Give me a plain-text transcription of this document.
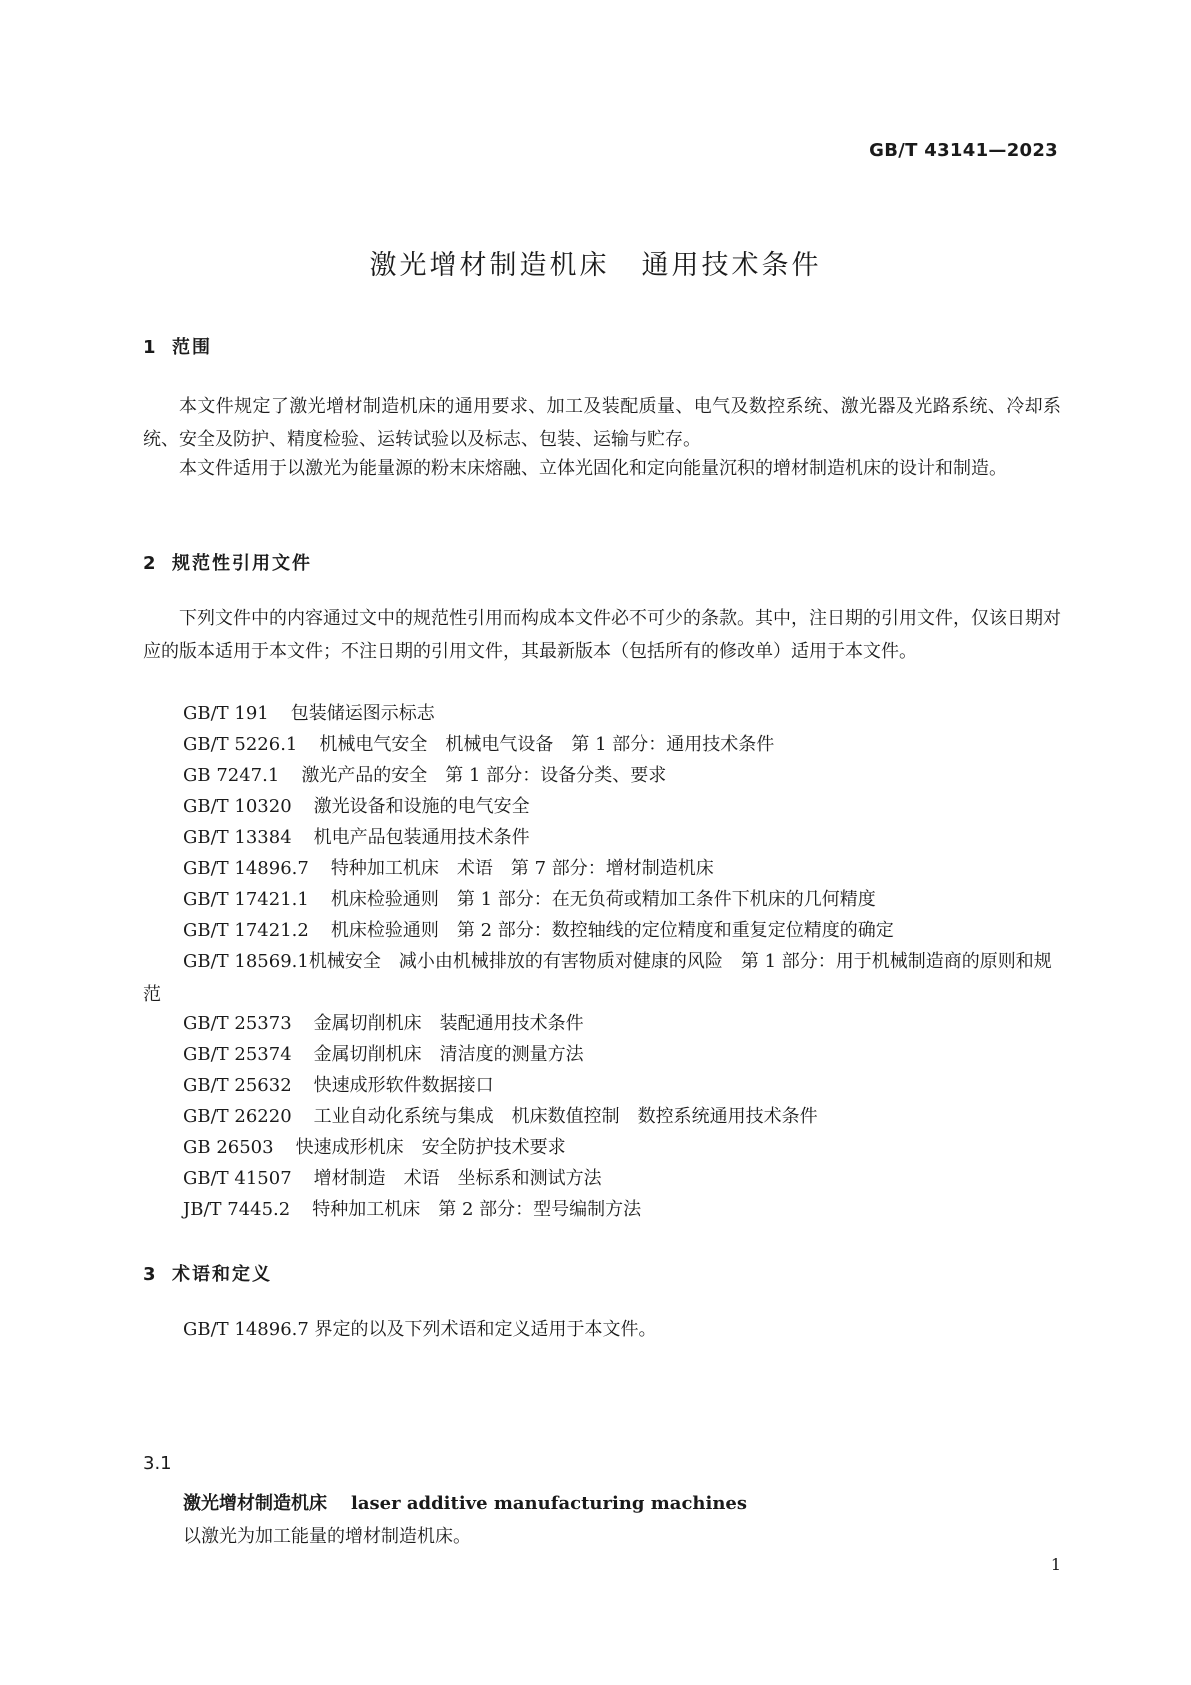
GB/T 43141—2023
激光增材制造机床 通用技术条件
1 范围

本文件规定了激光增材制造机床的通用要求、加工及装配质量、电气及数控系统、激光器及光路系统、冷却系统、安全及防护、精度检验、运转试验以及标志、包装、运输与贮存。

本文件适用于以激光为能量源的粉末床熔融、立体光固化和定向能量沉积的增材制造机床的设计和制造。

2 规范性引用文件

下列文件中的内容通过文中的规范性引用而构成本文件必不可少的条款。其中，注日期的引用文件，仅该日期对应的版本适用于本文件；不注日期的引用文件，其最新版本（包括所有的修改单）适用于本文件。

GB/T 191 包装储运图示标志
GB/T 5226.1 机械电气安全　机械电气设备　第 1 部分：通用技术条件
GB 7247.1 激光产品的安全　第 1 部分：设备分类、要求
GB/T 10320 激光设备和设施的电气安全
GB/T 13384 机电产品包装通用技术条件
GB/T 14896.7 特种加工机床　术语　第 7 部分：增材制造机床
GB/T 17421.1 机床检验通则　第 1 部分：在无负荷或精加工条件下机床的几何精度
GB/T 17421.2 机床检验通则　第 2 部分：数控轴线的定位精度和重复定位精度的确定

GB/T 18569.1机械安全　减小由机械排放的有害物质对健康的风险　第 1 部分：用于机械制造商的原则和规范

GB/T 25373 金属切削机床　装配通用技术条件
GB/T 25374 金属切削机床　清洁度的测量方法
GB/T 25632 快速成形软件数据接口
GB/T 26220 工业自动化系统与集成　机床数值控制　数控系统通用技术条件
GB 26503 快速成形机床　安全防护技术要求
GB/T 41507 增材制造　术语　坐标系和测试方法
JB/T 7445.2 特种加工机床　第 2 部分：型号编制方法
3 术语和定义
GB/T 14896.7 界定的以及下列术语和定义适用于本文件。
3.1
激光增材制造机床 laser additive manufacturing machines
以激光为加工能量的增材制造机床。
1
